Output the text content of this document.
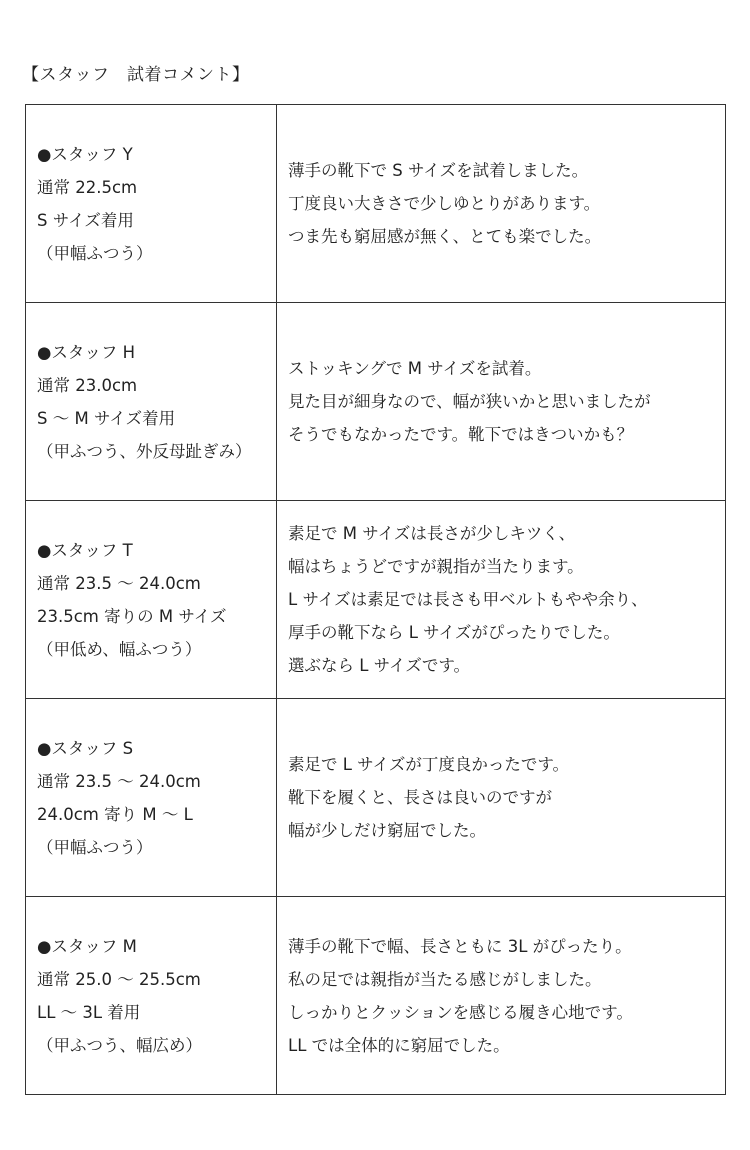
【スタッフ　試着コメント】
●スタッフ Y
通常 22.5cm
S サイズ着用
（甲幅ふつう）	薄手の靴下で S サイズを試着しました。
丁度良い大きさで少しゆとりがあります。
つま先も窮屈感が無く、とても楽でした。

●スタッフ H
通常 23.0cm
S ～ M サイズ着用
（甲ふつう、外反母趾ぎみ）	ストッキングで M サイズを試着。
見た目が細身なので、幅が狭いかと思いましたが
そうでもなかったです。靴下ではきついかも？

●スタッフ T
通常 23.5 ～ 24.0cm
23.5cm 寄りの M サイズ
（甲低め、幅ふつう）	素足で M サイズは長さが少しキツく、
幅はちょうどですが親指が当たります。
L サイズは素足では長さも甲ベルトもやや余り、
厚手の靴下なら L サイズがぴったりでした。
選ぶなら L サイズです。

●スタッフ S
通常 23.5 ～ 24.0cm
24.0cm 寄り M ～ L
（甲幅ふつう）	素足で L サイズが丁度良かったです。
靴下を履くと、長さは良いのですが
幅が少しだけ窮屈でした。

●スタッフ M
通常 25.0 ～ 25.5cm
LL ～ 3L 着用
（甲ふつう、幅広め）	薄手の靴下で幅、長さともに 3L がぴったり。
私の足では親指が当たる感じがしました。
しっかりとクッションを感じる履き心地です。
LL では全体的に窮屈でした。
